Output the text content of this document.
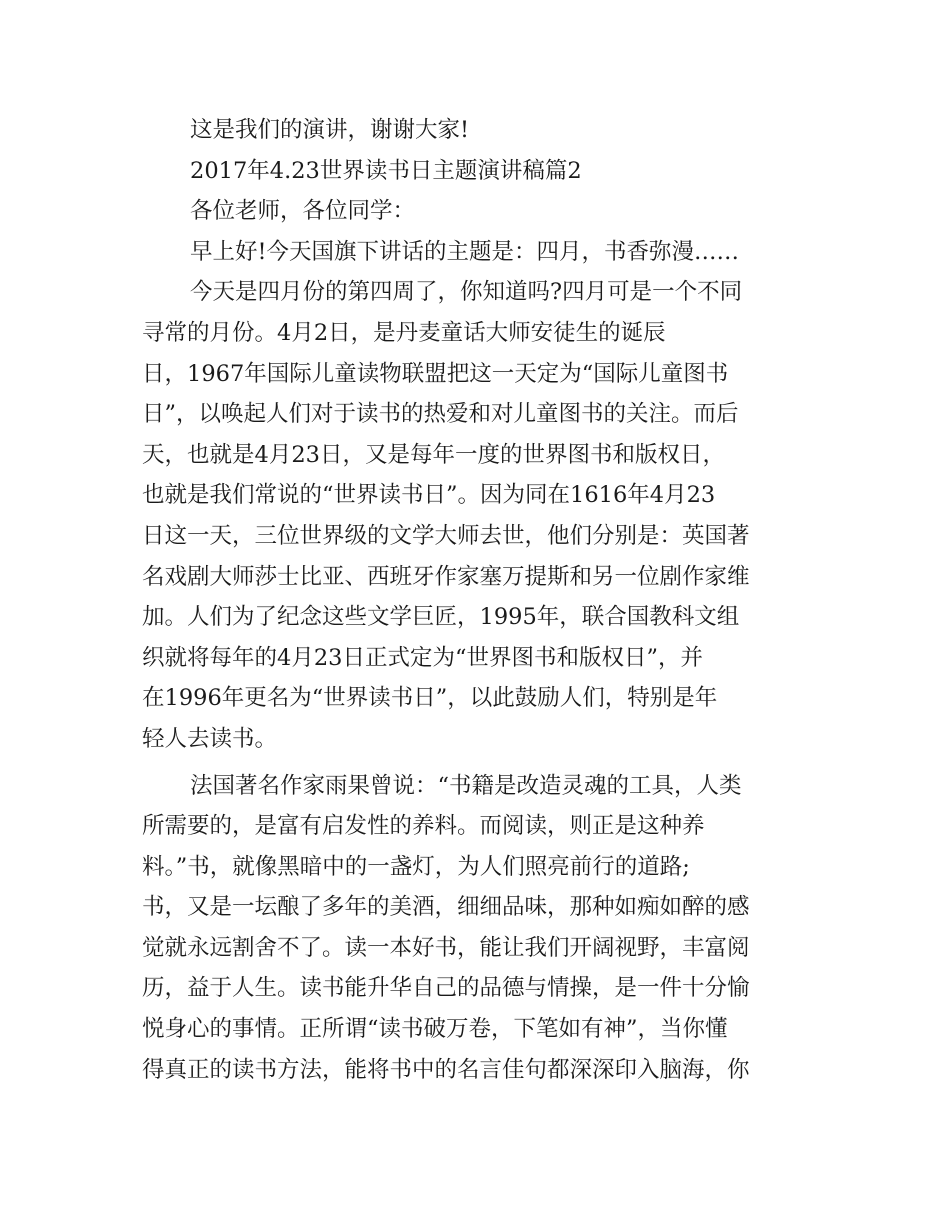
这是我们的演讲，谢谢大家!
2017年4.23世界读书日主题演讲稿篇2
各位老师，各位同学：
早上好!今天国旗下讲话的主题是：四月，书香弥漫……
今天是四月份的第四周了，你知道吗?四月可是一个不同
寻常的月份。4月2日，是丹麦童话大师安徒生的诞辰
日，1967年国际儿童读物联盟把这一天定为“国际儿童图书
日”，以唤起人们对于读书的热爱和对儿童图书的关注。而后
天，也就是4月23日，又是每年一度的世界图书和版权日，
也就是我们常说的“世界读书日”。因为同在1616年4月23
日这一天，三位世界级的文学大师去世，他们分别是：英国著
名戏剧大师莎士比亚、西班牙作家塞万提斯和另一位剧作家维
加。人们为了纪念这些文学巨匠，1995年，联合国教科文组
织就将每年的4月23日正式定为“世界图书和版权日”，并
在1996年更名为“世界读书日”，以此鼓励人们，特别是年
轻人去读书。
法国著名作家雨果曾说：“书籍是改造灵魂的工具，人类
所需要的，是富有启发性的养料。而阅读，则正是这种养
料。”书，就像黑暗中的一盏灯，为人们照亮前行的道路;
书，又是一坛酿了多年的美酒，细细品味，那种如痴如醉的感
觉就永远割舍不了。读一本好书，能让我们开阔视野，丰富阅
历，益于人生。读书能升华自己的品德与情操，是一件十分愉
悦身心的事情。正所谓“读书破万卷，下笔如有神”，当你懂
得真正的读书方法，能将书中的名言佳句都深深印入脑海，你
